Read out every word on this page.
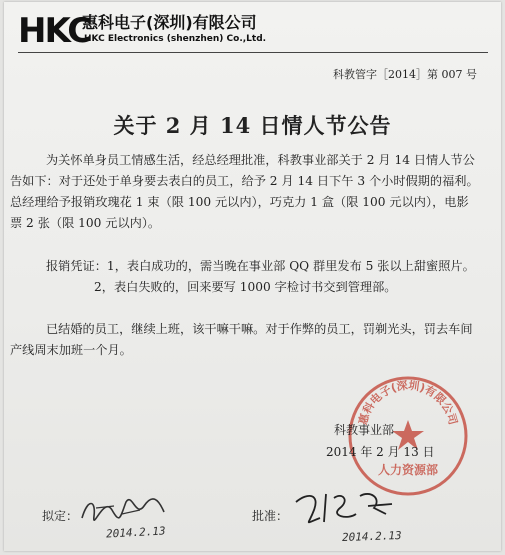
HKC
惠科电子(深圳)有限公司
HKC Electronics (shenzhen) Co.,Ltd.
科教管字［2014］第 007 号
关于 2 月 14 日情人节公告

为关怀单身员工情感生活，经总经理批准，科教事业部关于 2 月 14 日情人节公告如下：对于还处于单身要去表白的员工，给予 2 月 14 日下午 3 个小时假期的福利。总经理给予报销玫瑰花 1 束（限 100 元以内），巧克力 1 盒（限 100 元以内），电影票 2 张（限 100 元以内）。

报销凭证：1，表白成功的，需当晚在事业部 QQ 群里发布 5 张以上甜蜜照片。

2，表白失败的，回来要写 1000 字检讨书交到管理部。

已结婚的员工，继续上班，该干嘛干嘛。对于作弊的员工，罚剃光头，罚去车间产线周末加班一个月。

惠科电子(深圳)有限公司
人力资源部
科教事业部
2014 年 2 月 13 日
拟定：
2014.2.13
批准：
2014.2.13
